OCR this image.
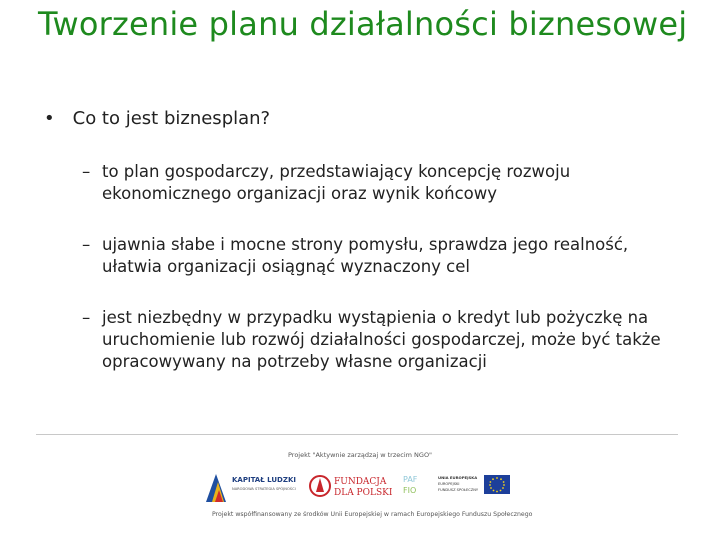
Tworzenie planu działalności biznesowej
• Co to jest biznesplan?
– to plan gospodarczy, przedstawiający koncepcję rozwoju ekonomicznego organizacji oraz wynik końcowy
– ujawnia słabe i mocne strony pomysłu, sprawdza jego realność, ułatwia organizacji osiągnąć wyznaczony cel
– jest niezbędny w przypadku wystąpienia o kredyt lub pożyczkę na uruchomienie lub rozwój działalności gospodarczej, może być także opracowywany na potrzeby własne organizacji
Projekt "Aktywnie zarządzaj w trzecim NGO"
KAPITAŁ LUDZKI
NARODOWA STRATEGIA SPÓJNOŚCI
FUNDACJA
DLA POLSKI
PAF
FIO
UNIA EUROPEJSKA
EUROPEJSKI
FUNDUSZ SPOŁECZNY
Projekt współfinansowany ze środków Unii Europejskiej w ramach Europejskiego Funduszu Społecznego
